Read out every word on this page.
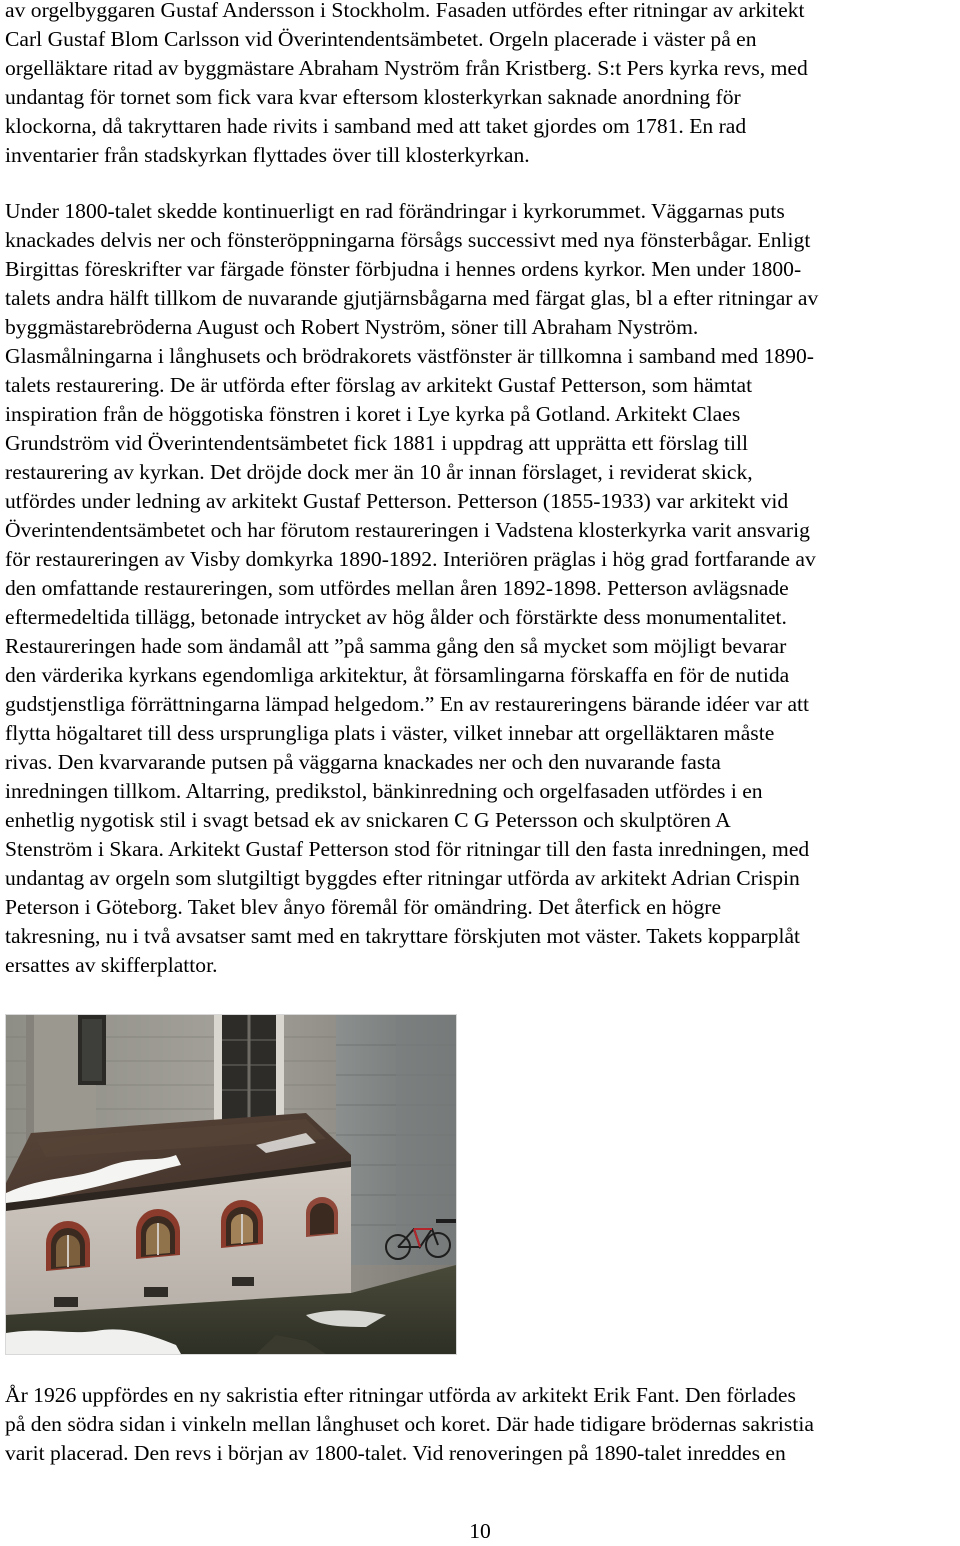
av orgelbyggaren Gustaf Andersson i Stockholm. Fasaden utfördes efter ritningar av arkitekt
Carl Gustaf Blom Carlsson vid Överintendentsämbetet. Orgeln placerade i väster på en
orgelläktare ritad av byggmästare Abraham Nyström från Kristberg. S:t Pers kyrka revs, med
undantag för tornet som fick vara kvar eftersom klosterkyrkan saknade anordning för
klockorna, då takryttaren hade rivits i samband med att taket gjordes om 1781. En rad
inventarier från stadskyrkan flyttades över till klosterkyrkan.

Under 1800-talet skedde kontinuerligt en rad förändringar i kyrkorummet. Väggarnas puts
knackades delvis ner och fönsteröppningarna försågs successivt med nya fönsterbågar. Enligt
Birgittas föreskrifter var färgade fönster förbjudna i hennes ordens kyrkor. Men under 1800-
talets andra hälft tillkom de nuvarande gjutjärnsbågarna med färgat glas, bl a efter ritningar av
byggmästarebröderna August och Robert Nyström, söner till Abraham Nyström.
Glasmålningarna i långhusets och brödrakorets västfönster är tillkomna i samband med 1890-
talets restaurering. De är utförda efter förslag av arkitekt Gustaf Petterson, som hämtat
inspiration från de höggotiska fönstren i koret i Lye kyrka på Gotland. Arkitekt Claes
Grundström vid Överintendentsämbetet fick 1881 i uppdrag att upprätta ett förslag till
restaurering av kyrkan. Det dröjde dock mer än 10 år innan förslaget, i reviderat skick,
utfördes under ledning av arkitekt Gustaf Petterson. Petterson (1855-1933) var arkitekt vid
Överintendentsämbetet och har förutom restaureringen i Vadstena klosterkyrka varit ansvarig
för restaureringen av Visby domkyrka 1890-1892. Interiören präglas i hög grad fortfarande av
den omfattande restaureringen, som utfördes mellan åren 1892-1898. Petterson avlägsnade
eftermedeltida tillägg, betonade intrycket av hög ålder och förstärkte dess monumentalitet.
Restaureringen hade som ändamål att ”på samma gång den så mycket som möjligt bevarar
den värderika kyrkans egendomliga arkitektur, åt församlingarna förskaffa en för de nutida
gudstjenstliga förrättningarna lämpad helgedom.” En av restaureringens bärande idéer var att
flytta högaltaret till dess ursprungliga plats i väster, vilket innebar att orgelläktaren måste
rivas. Den kvarvarande putsen på väggarna knackades ner och den nuvarande fasta
inredningen tillkom. Altarring, predikstol, bänkinredning och orgelfasaden utfördes i en
enhetlig nygotisk stil i svagt betsad ek av snickaren C G Petersson och skulptören A
Stenström i Skara. Arkitekt Gustaf Petterson stod för ritningar till den fasta inredningen, med
undantag av orgeln som slutgiltigt byggdes efter ritningar utförda av arkitekt Adrian Crispin
Peterson i Göteborg. Taket blev ånyo föremål för omändring. Det återfick en högre
takresning, nu i två avsatser samt med en takryttare förskjuten mot väster. Takets kopparplåt
ersattes av skifferplattor.

År 1926 uppfördes en ny sakristia efter ritningar utförda av arkitekt Erik Fant. Den förlades
på den södra sidan i vinkeln mellan långhuset och koret. Där hade tidigare brödernas sakristia
varit placerad. Den revs i början av 1800-talet. Vid renoveringen på 1890-talet inreddes en

10
